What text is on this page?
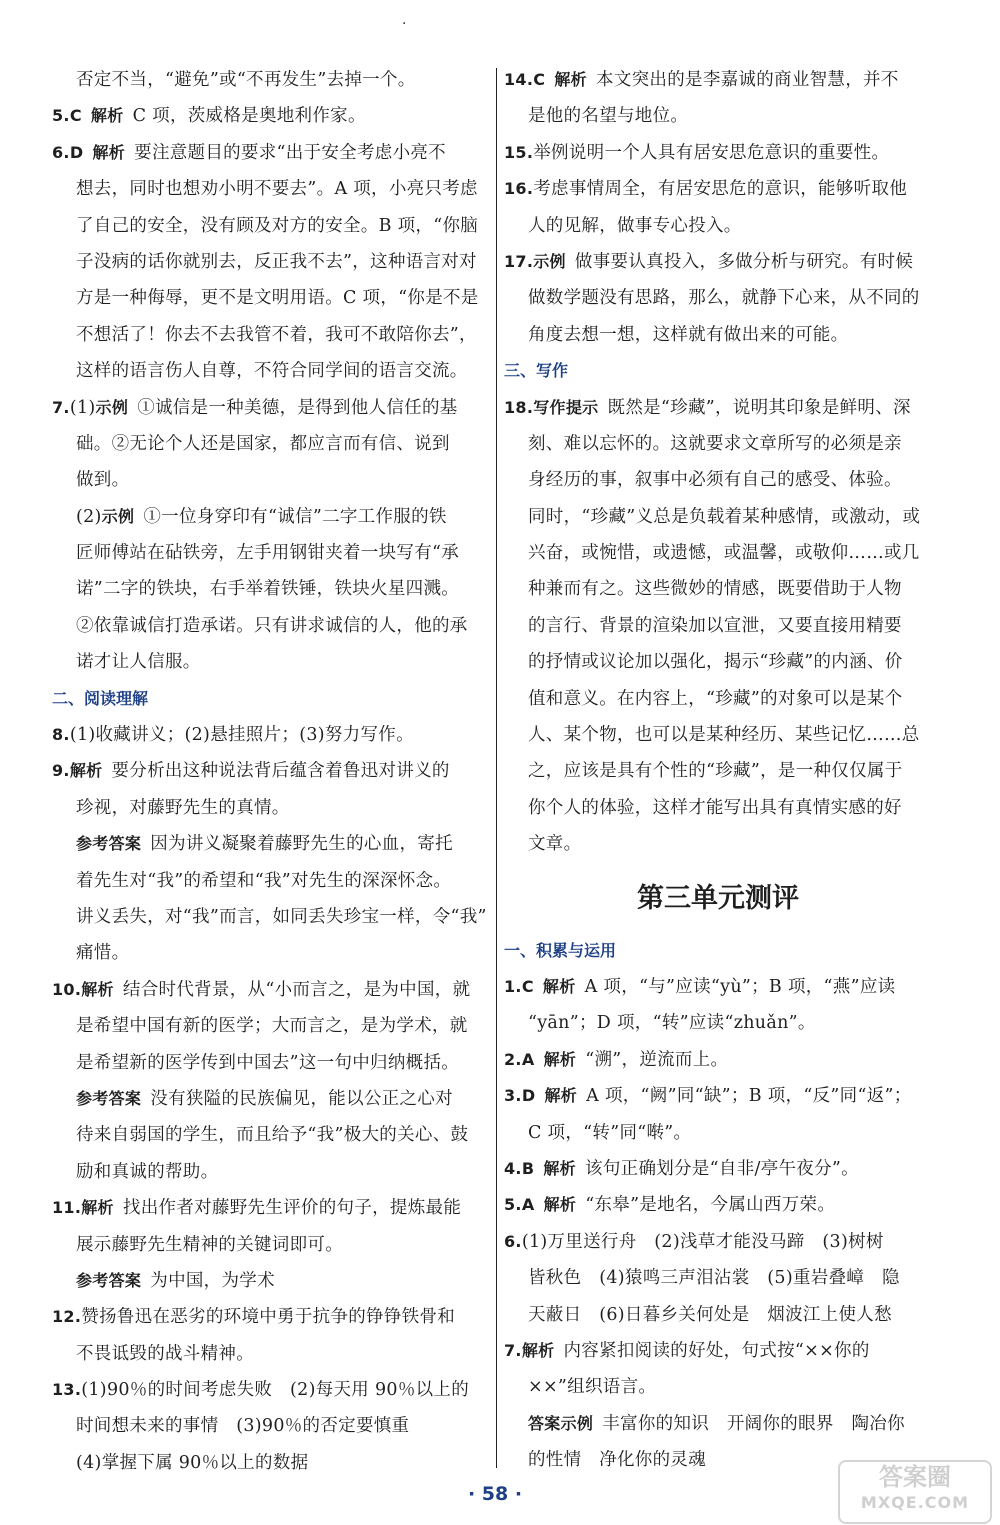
·

否定不当，“避免”或“不再发生”去掉一个。

5.C  解析  C 项，茨威格是奥地利作家。

6.D  解析  要注意题目的要求“出于安全考虑小亮不

想去，同时也想劝小明不要去”。A 项，小亮只考虑

了自己的安全，没有顾及对方的安全。B 项，“你脑

子没病的话你就别去，反正我不去”，这种语言对对

方是一种侮辱，更不是文明用语。C 项，“你是不是

不想活了！你去不去我管不着，我可不敢陪你去”，

这样的语言伤人自尊，不符合同学间的语言交流。

7.(1)示例  ①诚信是一种美德，是得到他人信任的基

础。②无论个人还是国家，都应言而有信、说到

做到。

(2)示例  ①一位身穿印有“诚信”二字工作服的铁

匠师傅站在砧铁旁，左手用钢钳夹着一块写有“承

诺”二字的铁块，右手举着铁锤，铁块火星四溅。

②依靠诚信打造承诺。只有讲求诚信的人，他的承

诺才让人信服。

二、阅读理解

8.(1)收藏讲义；(2)悬挂照片；(3)努力写作。

9.解析  要分析出这种说法背后蕴含着鲁迅对讲义的

珍视，对藤野先生的真情。

参考答案  因为讲义凝聚着藤野先生的心血，寄托

着先生对“我”的希望和“我”对先生的深深怀念。

讲义丢失，对“我”而言，如同丢失珍宝一样，令“我”

痛惜。

10.解析  结合时代背景，从“小而言之，是为中国，就

是希望中国有新的医学；大而言之，是为学术，就

是希望新的医学传到中国去”这一句中归纳概括。

参考答案  没有狭隘的民族偏见，能以公正之心对

待来自弱国的学生，而且给予“我”极大的关心、鼓

励和真诚的帮助。

11.解析  找出作者对藤野先生评价的句子，提炼最能

展示藤野先生精神的关键词即可。

参考答案  为中国，为学术

12.赞扬鲁迅在恶劣的环境中勇于抗争的铮铮铁骨和

不畏诋毁的战斗精神。

13.(1)90％的时间考虑失败　(2)每天用 90％以上的

时间想未来的事情　(3)90％的否定要慎重

(4)掌握下属 90％以上的数据

14.C  解析  本文突出的是李嘉诚的商业智慧，并不

是他的名望与地位。

15.举例说明一个人具有居安思危意识的重要性。

16.考虑事情周全，有居安思危的意识，能够听取他

人的见解，做事专心投入。

17.示例  做事要认真投入，多做分析与研究。有时候

做数学题没有思路，那么，就静下心来，从不同的

角度去想一想，这样就有做出来的可能。

三、写作

18.写作提示  既然是“珍藏”，说明其印象是鲜明、深

刻、难以忘怀的。这就要求文章所写的必须是亲

身经历的事，叙事中必须有自己的感受、体验。

同时，“珍藏”义总是负载着某种感情，或激动，或

兴奋，或惋惜，或遗憾，或温馨，或敬仰……或几

种兼而有之。这些微妙的情感，既要借助于人物

的言行、背景的渲染加以宣泄，又要直接用精要

的抒情或议论加以强化，揭示“珍藏”的内涵、价

值和意义。在内容上，“珍藏”的对象可以是某个

人、某个物，也可以是某种经历、某些记忆……总

之，应该是具有个性的“珍藏”，是一种仅仅属于

你个人的体验，这样才能写出具有真情实感的好

文章。

第三单元测评

一、积累与运用

1.C  解析  A 项，“与”应读“yù”；B 项，“燕”应读

“yān”；D 项，“转”应读“zhuǎn”。

2.A  解析  “溯”，逆流而上。

3.D  解析  A 项，“阙”同“缺”；B 项，“反”同“返”；

C 项，“转”同“啭”。

4.B  解析  该句正确划分是“自非/亭午夜分”。

5.A  解析  “东皋”是地名，今属山西万荣。

6.(1)万里送行舟　(2)浅草才能没马蹄　(3)树树

皆秋色　(4)猿鸣三声泪沾裳　(5)重岩叠嶂　隐

天蔽日　(6)日暮乡关何处是　烟波江上使人愁

7.解析  内容紧扣阅读的好处，句式按“××你的

××”组织语言。

答案示例  丰富你的知识　开阔你的眼界　陶冶你

的性情　净化你的灵魂

· 58 ·
答案圈
MXQE.COM
